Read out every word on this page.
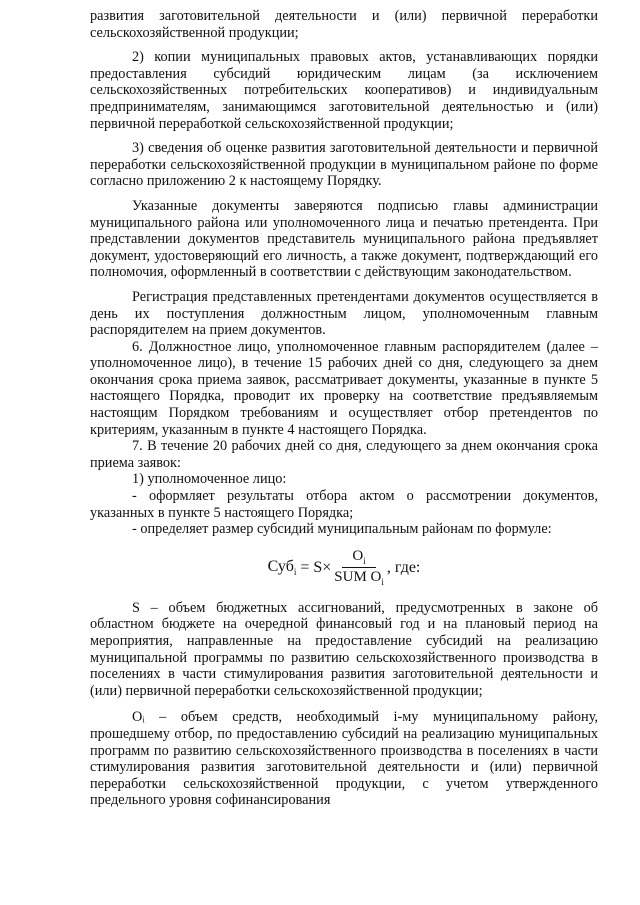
развития заготовительной деятельности и (или) первичной переработки сельскохозяйственной продукции;

2) копии муниципальных правовых актов, устанавливающих порядки предоставления субсидий юридическим лицам (за исключением сельскохозяйственных потребительских кооперативов) и индивидуальным предпринимателям, занимающимся заготовительной деятельностью и (или) первичной переработкой сельскохозяйственной продукции;

3) сведения об оценке развития заготовительной деятельности и первичной переработки сельскохозяйственной продукции в муниципальном районе по форме согласно приложению 2 к настоящему Порядку.

Указанные документы заверяются подписью главы администрации муниципального района или уполномоченного лица и печатью претендента. При представлении документов представитель муниципального района предъявляет документ, удостоверяющий его личность, а также документ, подтверждающий его полномочия, оформленный в соответствии с действующим законодательством.

Регистрация представленных претендентами документов осуществляется в день их поступления должностным лицом, уполномоченным главным распорядителем на прием документов.

6. Должностное лицо, уполномоченное главным распорядителем (далее – уполномоченное лицо), в течение 15 рабочих дней со дня, следующего за днем окончания срока приема заявок, рассматривает документы, указанные в пункте 5 настоящего Порядка, проводит их проверку на соответствие предъявляемым настоящим Порядком требованиям и осуществляет отбор претендентов по критериям, указанным в пункте 4 настоящего Порядка.

7. В течение 20 рабочих дней со дня, следующего за днем окончания срока приема заявок:

1) уполномоченное лицо:

- оформляет результаты отбора актом о рассмотрении документов, указанных в пункте 5 настоящего Порядка;

- определяет размер субсидий муниципальным районам по формуле:

$Суб_i = S\times \frac{O_i}{SUM O_i}$ , где:

S – объем бюджетных ассигнований, предусмотренных в законе об областном бюджете на очередной финансовый год и на плановый период на мероприятия, направленные на предоставление субсидий на реализацию муниципальной программы по развитию сельскохозяйственного производства в поселениях в части стимулирования развития заготовительной деятельности и (или) первичной переработки сельскохозяйственной продукции;

Oᵢ – объем средств, необходимый i-му муниципальному району, прошедшему отбор, по предоставлению субсидий на реализацию муниципальных программ по развитию сельскохозяйственного производства в поселениях в части стимулирования развития заготовительной деятельности и (или) первичной переработки сельскохозяйственной продукции, с учетом утвержденного предельного уровня софинансирования
